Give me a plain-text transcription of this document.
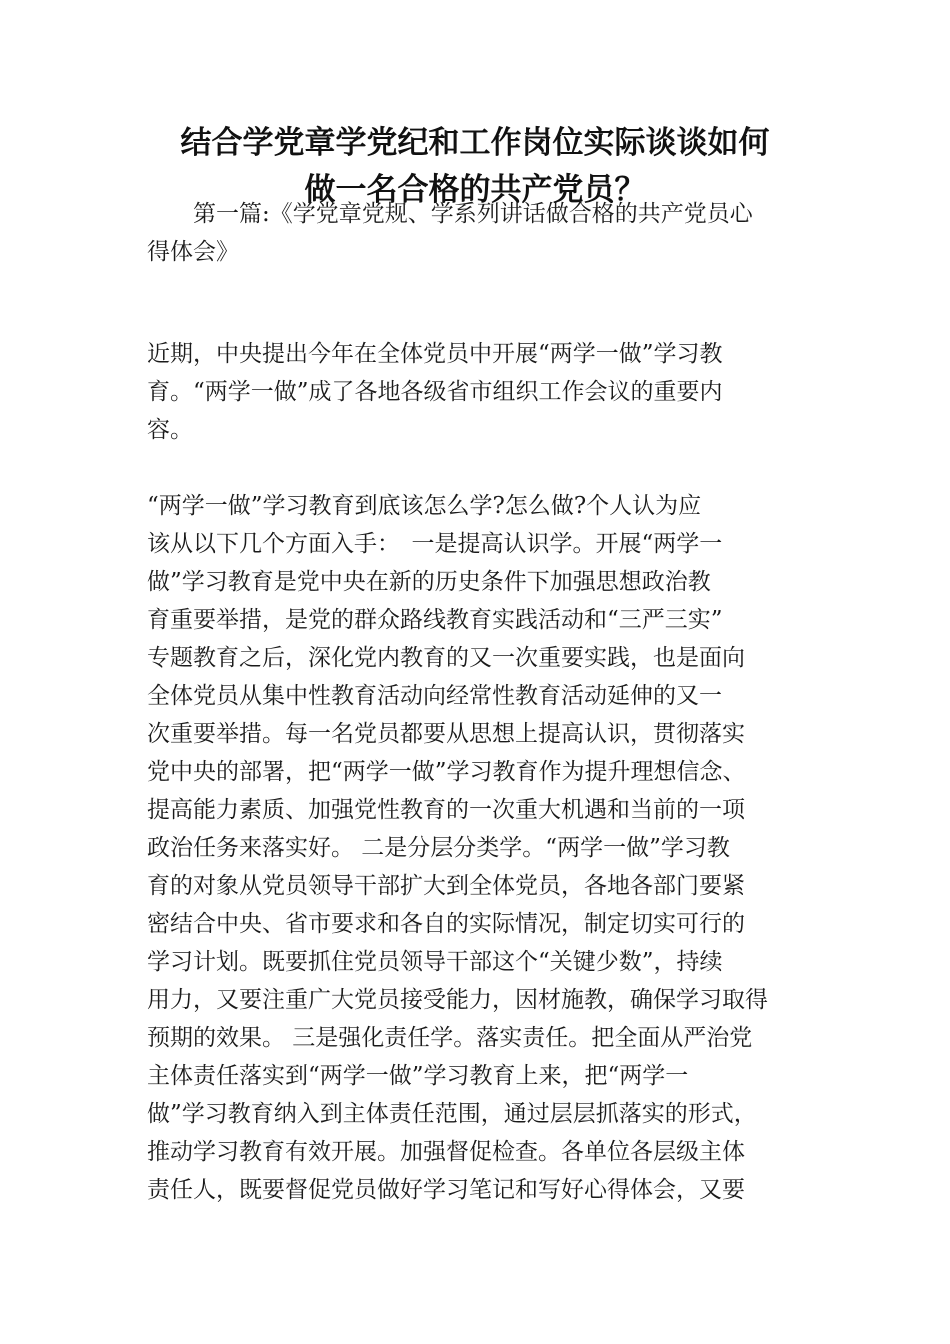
结合学党章学党纪和工作岗位实际谈谈如何
做一名合格的共产党员？
　　第一篇:《学党章党规、学系列讲话做合格的共产党员心
得体会》
近期，中央提出今年在全体党员中开展“两学一做”学习教
育。“两学一做”成了各地各级省市组织工作会议的重要内
容。
“两学一做”学习教育到底该怎么学?怎么做?个人认为应
该从以下几个方面入手：　一是提高认识学。开展“两学一
做”学习教育是党中央在新的历史条件下加强思想政治教
育重要举措，是党的群众路线教育实践活动和“三严三实”
专题教育之后，深化党内教育的又一次重要实践，也是面向
全体党员从集中性教育活动向经常性教育活动延伸的又一
次重要举措。每一名党员都要从思想上提高认识，贯彻落实
党中央的部署，把“两学一做”学习教育作为提升理想信念、
提高能力素质、加强党性教育的一次重大机遇和当前的一项
政治任务来落实好。 二是分层分类学。“两学一做”学习教
育的对象从党员领导干部扩大到全体党员，各地各部门要紧
密结合中央、省市要求和各自的实际情况，制定切实可行的
学习计划。既要抓住党员领导干部这个“关键少数”，持续
用力，又要注重广大党员接受能力，因材施教，确保学习取得
预期的效果。 三是强化责任学。落实责任。把全面从严治党
主体责任落实到“两学一做”学习教育上来，把“两学一
做”学习教育纳入到主体责任范围，通过层层抓落实的形式，
推动学习教育有效开展。加强督促检查。各单位各层级主体
责任人，既要督促党员做好学习笔记和写好心得体会，又要
